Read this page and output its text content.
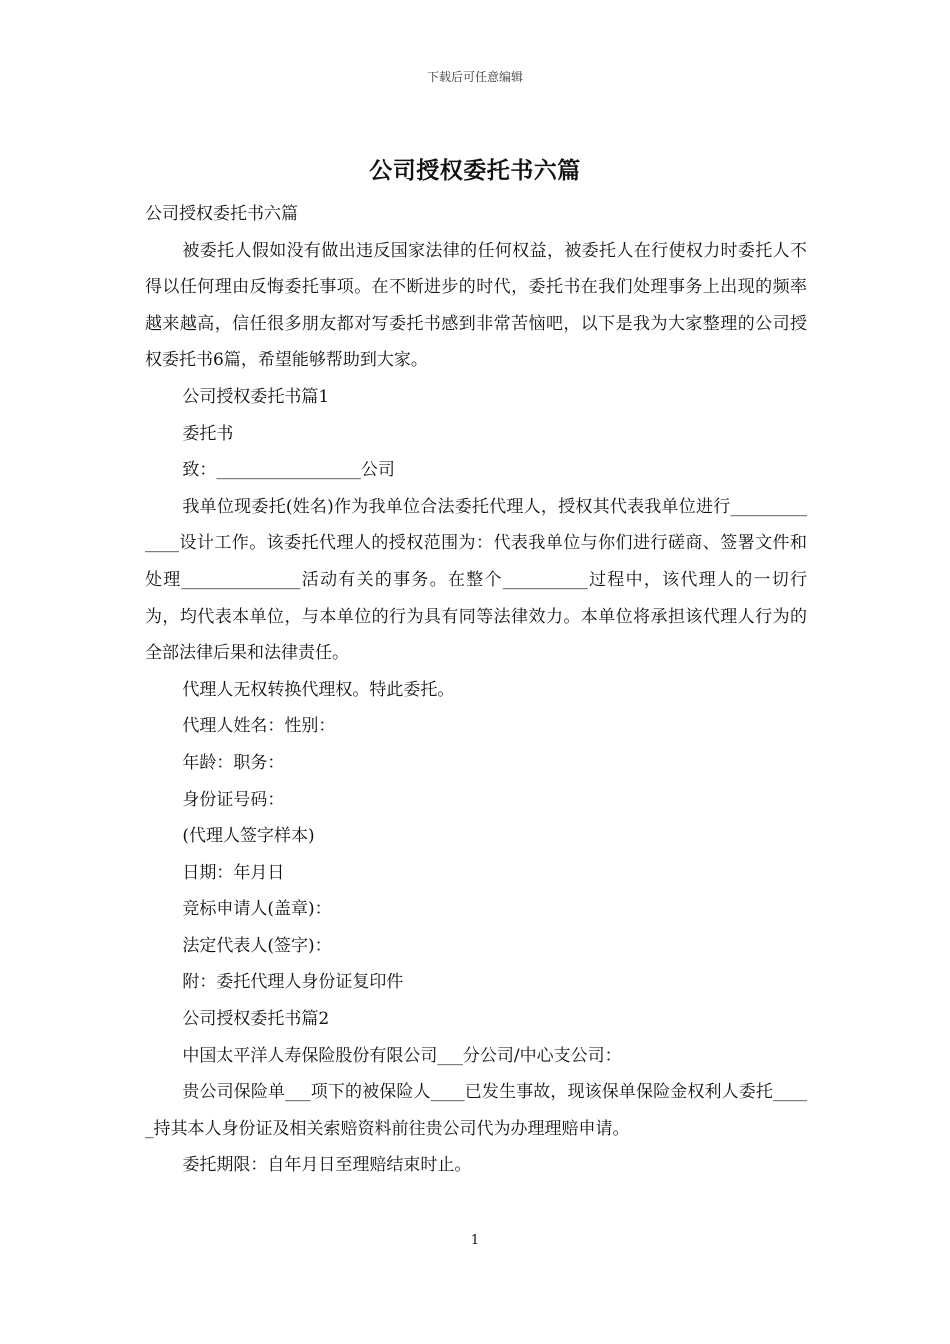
下载后可任意编辑
公司授权委托书六篇

公司授权委托书六篇

被委托人假如没有做出违反国家法律的任何权益，被委托人在行使权力时委托人不得以任何理由反悔委托事项。在不断进步的时代，委托书在我们处理事务上出现的频率越来越高，信任很多朋友都对写委托书感到非常苦恼吧，以下是我为大家整理的公司授权委托书6篇，希望能够帮助到大家。

公司授权委托书篇1

委托书

致：_________________公司

我单位现委托(姓名)作为我单位合法委托代理人，授权其代表我单位进行_____________设计工作。该委托代理人的授权范围为：代表我单位与你们进行磋商、签署文件和处理______________活动有关的事务。在整个__________过程中，该代理人的一切行为，均代表本单位，与本单位的行为具有同等法律效力。本单位将承担该代理人行为的全部法律后果和法律责任。

代理人无权转换代理权。特此委托。

代理人姓名：性别：

年龄：职务：

身份证号码：

(代理人签字样本)

日期：年月日

竞标申请人(盖章)：

法定代表人(签字)：

附：委托代理人身份证复印件

公司授权委托书篇2

中国太平洋人寿保险股份有限公司___分公司/中心支公司：

贵公司保险单___项下的被保险人____已发生事故，现该保单保险金权利人委托_____持其本人身份证及相关索赔资料前往贵公司代为办理理赔申请。

委托期限：自年月日至理赔结束时止。

1
